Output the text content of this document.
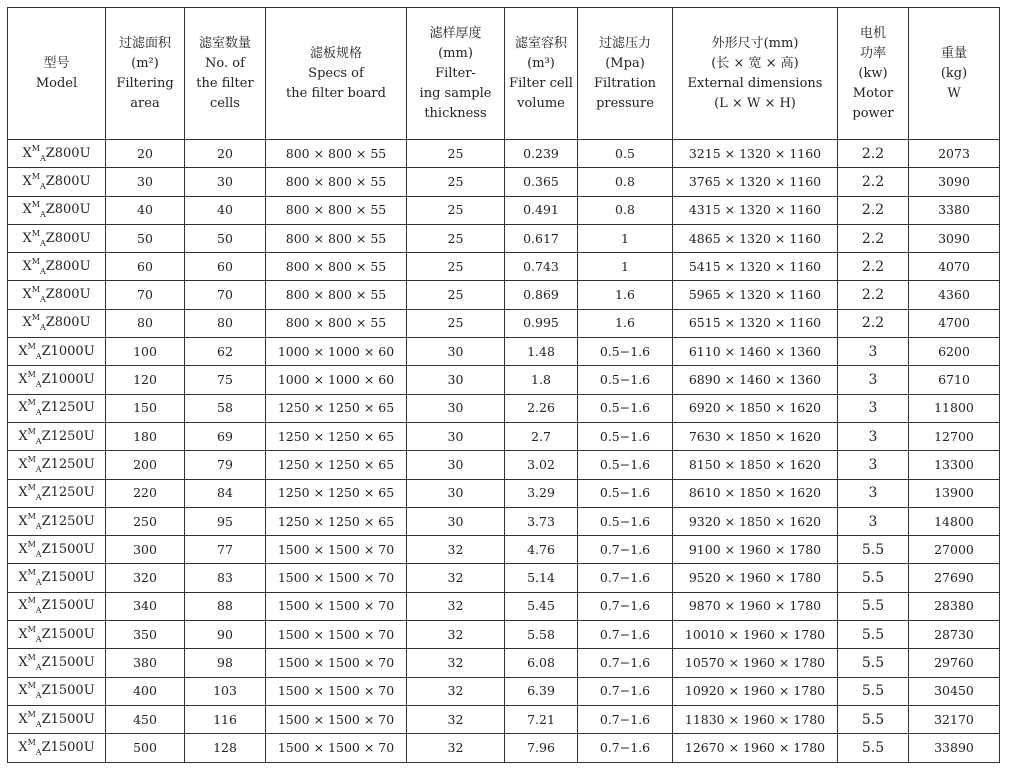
型号
Model	过滤面积
(m²)
Filtering
area	滤室数量
No. of
the filter
cells	滤板规格
Specs of
the filter board	滤样厚度
(mm)
Filter-
ing sample
thickness	滤室容积
(m³)
Filter cell
volume	过滤压力
(Mpa)
Filtration
pressure	外形尺寸(mm)
(长 × 宽 × 高)
External dimensions
(L × W × H)	电机
功率
(kw)
Motor
power	重量
(kg)
W

$X^M_AZ800U$	20	20	800 × 800 × 55	25	0.239	0.5	3215 × 1320 × 1160	2.2	2073
$X^M_AZ800U$	30	30	800 × 800 × 55	25	0.365	0.8	3765 × 1320 × 1160	2.2	3090
$X^M_AZ800U$	40	40	800 × 800 × 55	25	0.491	0.8	4315 × 1320 × 1160	2.2	3380
$X^M_AZ800U$	50	50	800 × 800 × 55	25	0.617	1	4865 × 1320 × 1160	2.2	3090
$X^M_AZ800U$	60	60	800 × 800 × 55	25	0.743	1	5415 × 1320 × 1160	2.2	4070
$X^M_AZ800U$	70	70	800 × 800 × 55	25	0.869	1.6	5965 × 1320 × 1160	2.2	4360
$X^M_AZ800U$	80	80	800 × 800 × 55	25	0.995	1.6	6515 × 1320 × 1160	2.2	4700
$X^M_AZ1000U$	100	62	1000 × 1000 × 60	30	1.48	0.5−1.6	6110 × 1460 × 1360	3	6200
$X^M_AZ1000U$	120	75	1000 × 1000 × 60	30	1.8	0.5−1.6	6890 × 1460 × 1360	3	6710
$X^M_AZ1250U$	150	58	1250 × 1250 × 65	30	2.26	0.5−1.6	6920 × 1850 × 1620	3	11800
$X^M_AZ1250U$	180	69	1250 × 1250 × 65	30	2.7	0.5−1.6	7630 × 1850 × 1620	3	12700
$X^M_AZ1250U$	200	79	1250 × 1250 × 65	30	3.02	0.5−1.6	8150 × 1850 × 1620	3	13300
$X^M_AZ1250U$	220	84	1250 × 1250 × 65	30	3.29	0.5−1.6	8610 × 1850 × 1620	3	13900
$X^M_AZ1250U$	250	95	1250 × 1250 × 65	30	3.73	0.5−1.6	9320 × 1850 × 1620	3	14800
$X^M_AZ1500U$	300	77	1500 × 1500 × 70	32	4.76	0.7−1.6	9100 × 1960 × 1780	5.5	27000
$X^M_AZ1500U$	320	83	1500 × 1500 × 70	32	5.14	0.7−1.6	9520 × 1960 × 1780	5.5	27690
$X^M_AZ1500U$	340	88	1500 × 1500 × 70	32	5.45	0.7−1.6	9870 × 1960 × 1780	5.5	28380
$X^M_AZ1500U$	350	90	1500 × 1500 × 70	32	5.58	0.7−1.6	10010 × 1960 × 1780	5.5	28730
$X^M_AZ1500U$	380	98	1500 × 1500 × 70	32	6.08	0.7−1.6	10570 × 1960 × 1780	5.5	29760
$X^M_AZ1500U$	400	103	1500 × 1500 × 70	32	6.39	0.7−1.6	10920 × 1960 × 1780	5.5	30450
$X^M_AZ1500U$	450	116	1500 × 1500 × 70	32	7.21	0.7−1.6	11830 × 1960 × 1780	5.5	32170
$X^M_AZ1500U$	500	128	1500 × 1500 × 70	32	7.96	0.7−1.6	12670 × 1960 × 1780	5.5	33890
